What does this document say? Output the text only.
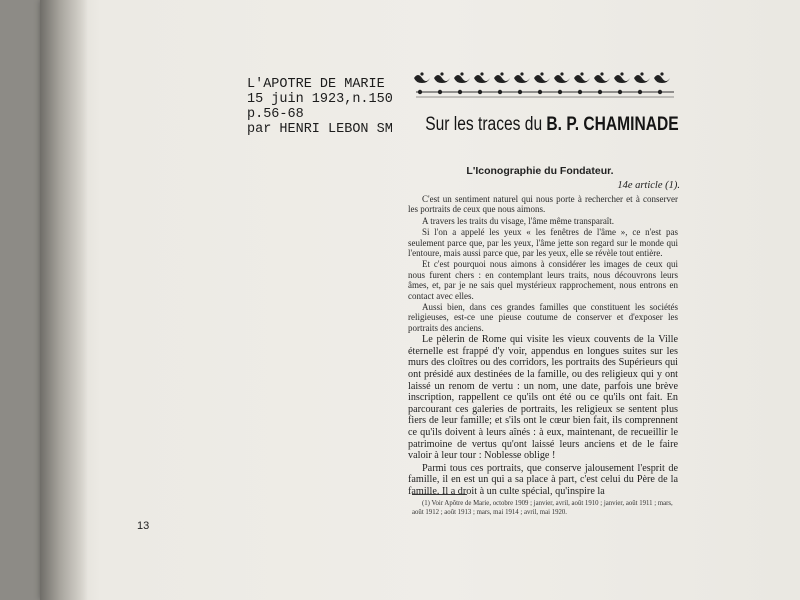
L'APOTRE DE MARIE
15 juin 1923,n.150
p.56-68
par HENRI LEBON SM	Sur les traces du B. P. CHAMINADE
L'Iconographie du Fondateur.
14e article (1).

C'est un sentiment naturel qui nous porte à rechercher et à conserver les portraits de ceux que nous aimons.

A travers les traits du visage, l'âme même transparaît.

Si l'on a appelé les yeux « les fenêtres de l'âme », ce n'est pas seulement parce que, par les yeux, l'âme jette son regard sur le monde qui l'entoure, mais aussi parce que, par les yeux, elle se révèle tout entière.

Et c'est pourquoi nous aimons à considérer les images de ceux qui nous furent chers : en contemplant leurs traits, nous découvrons leurs âmes, et, par je ne sais quel mystérieux rapprochement, nous entrons en contact avec elles.

Aussi bien, dans ces grandes familles que constituent les sociétés religieuses, est-ce une pieuse coutume de conserver et d'exposer les portraits des anciens.

Le pèlerin de Rome qui visite les vieux couvents de la Ville éternelle est frappé d'y voir, appendus en longues suites sur les murs des cloîtres ou des corridors, les portraits des Supérieurs qui ont présidé aux destinées de la famille, ou des religieux qui y ont laissé un renom de vertu : un nom, une date, parfois une brève inscription, rappellent ce qu'ils ont été ou ce qu'ils ont fait. En parcourant ces galeries de portraits, les religieux se sentent plus fiers de leur famille; et s'ils ont le cœur bien fait, ils comprennent ce qu'ils doivent à leurs aînés : à eux, maintenant, de recueillir le patrimoine de vertus qu'ont laissé leurs anciens et de le faire valoir à leur tour : Noblesse oblige !

Parmi tous ces portraits, que conserve jalousement l'esprit de famille, il en est un qui a sa place à part, c'est celui du Père de la famille. Il a droit à un culte spécial, qu'inspire la

(1) Voir Apôtre de Marie, octobre 1909 ; janvier, avril, août 1910 ; janvier, août 1911 ; mars, août 1912 ; août 1913 ; mars, mai 1914 ; avril, mai 1920.
13
